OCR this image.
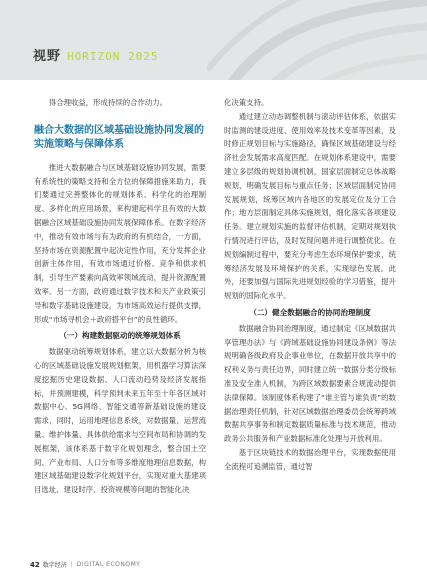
视野 HORIZON 2025

得合理收益，形成持续的合作动力。

融合大数据的区域基础设施协同发展的实施策略与保障体系

推进大数据融合与区域基础设施协同发展，需要有系统性的策略支持和全方位的保障措施来助力，我们要通过完善整体化的规划体系、科学化的治理制度、多样化的应用场景，来构建起科学且有效的大数据融合区域基础设施协同发展保障体系。在数字经济中，推动有效市场与有为政府的有机结合，一方面，坚持市场在资源配置中起决定性作用，充分发挥企业创新主体作用，有效市场通过价格、竞争和供求机制，引导生产要素向高效率领域流动，提升资源配置效率。另一方面，政府通过数字技术和天产业政策引导和数字基础设施建设，为市场高效运行提供支撑，形成“市场寻机会＋政府搭平台”的良性循环。

（一）构建数据驱动的统筹规划体系

数据驱动统筹规划体系，建立以大数据分析为核心的区域基础设施发展规划框架，用机器学习算法深度挖掘历史建设数据、人口流动趋势及经济发展指标，并预测建模，科学预判未来五年至十年各区域对数据中心、5G网络、智能交通等新基础设施的建设需求，同时，运用地理信息系统，对数据量、运营流量、维护体量、具体供给需求与空间布局和协调的发展框架，该体系基于数字化规划理念，整合国土空间、产业布局、人口分布等多维度地理信息数据，构建区域基础建设数字化规划平台，实现对重大基建项目选址、建设时序、投资规模等问题的智能化决

化决策支持。

通过建立动态调整机制与滚动评估体系，依据实时监测的建设进度、使用效率及技术变革等因素，及时修正规划目标与实施路径，确保区域基础建设与经济社会发展需求高度匹配。在规划体系建设中，需要建立多层级的规划协调机制，国家层面制定总体战略规划，明确发展目标与重点任务；区域层面制定协同发展规划，统筹区域内各地区的发展定位及分工合作；地方层面制定具体实施规划，细化落实各项建设任务。建立规划实施的监督评估机制，定期对规划执行情况进行评估，及时发现问题并进行调整优化。在规划编制过程中，要充分考虑生态环境保护要求，统筹经济发展及环境保护的关系，实现绿色发展。此外，还要加强与国际先进规划经验的学习借鉴，提升规划的国际化水平。

（二）健全数据融合的协同治理制度

数据融合协同治理制度，通过制定《区域数据共享管理办法》与《跨域基础设施协同建设条例》等法规明确各级政府及企事业单位，在数据开放共享中的权利义务与责任边界，同时建立统一数据分类分级标准及安全准入机制，为跨区域数据要素合规流动提供法律保障。该制度体系构建了“谁主管与谁负责”的数据治理责任机制，针对区域数据治理委员会统筹跨域数据共享事务和制定数据质量标准与技术规范，推动政务公共服务和产业数据标准化处理与开放利用。

基于区块链技术的数据治理平台，实现数据使用全流程可追溯监管，通过智

42 数字经济 | DIGITAL ECONOMY
